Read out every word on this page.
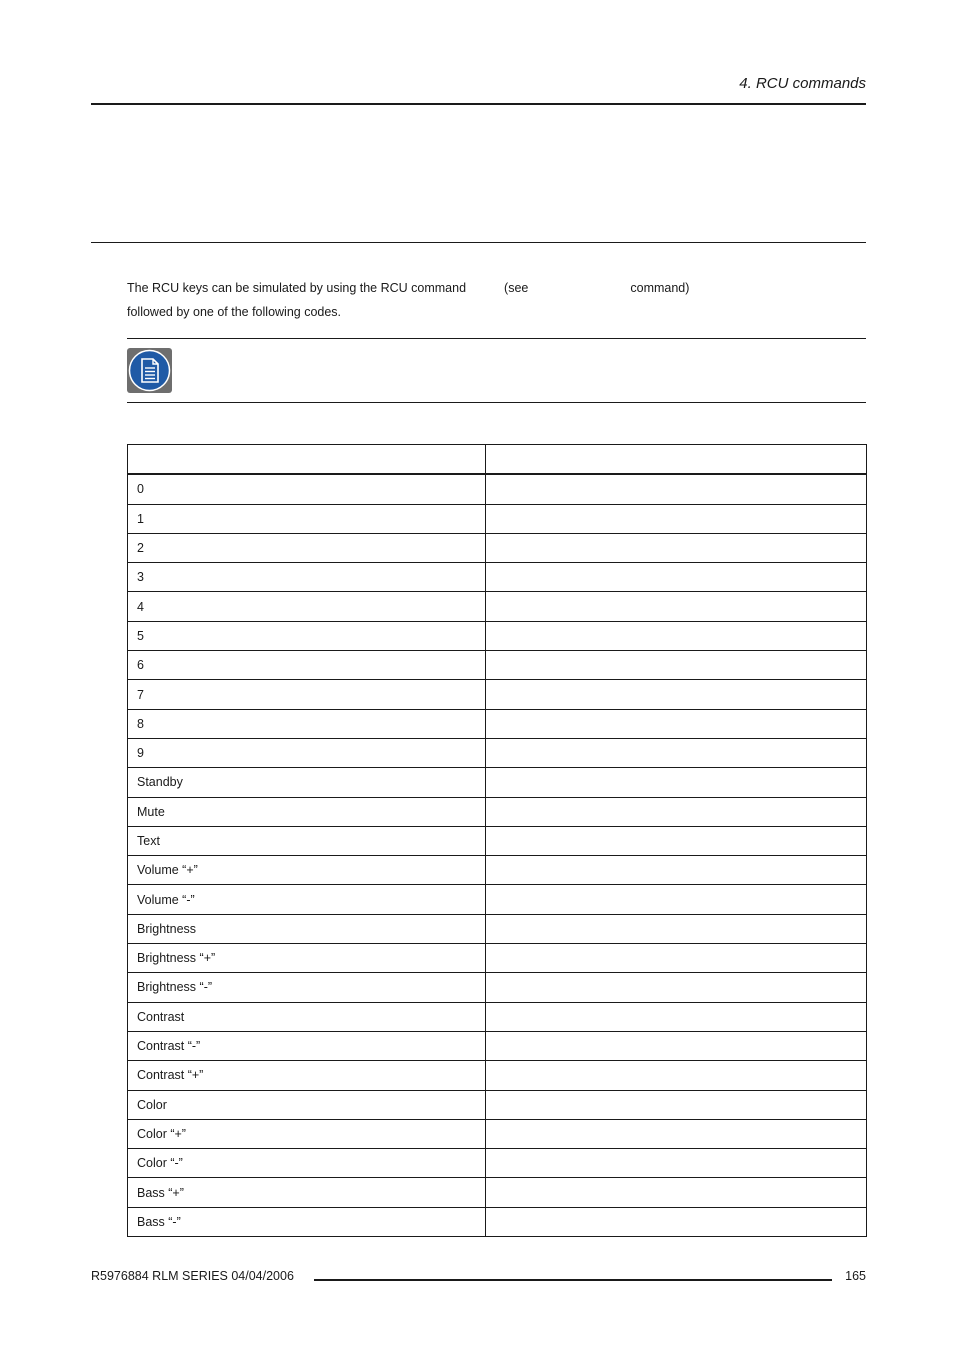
4. RCU commands
The RCU keys can be simulated by using the RCU command	(see	command)
followed by one of the following codes.

0	
1	
2	
3	
4	
5	
6	
7	
8	
9	
Standby	
Mute	
Text	
Volume “+”	
Volume “-”	
Brightness	
Brightness “+”	
Brightness “-”	
Contrast	
Contrast “-”	
Contrast “+”	
Color	
Color “+”	
Color “-”	
Bass “+”	
Bass “-”	
R5976884 RLM SERIES 04/04/2006	165
